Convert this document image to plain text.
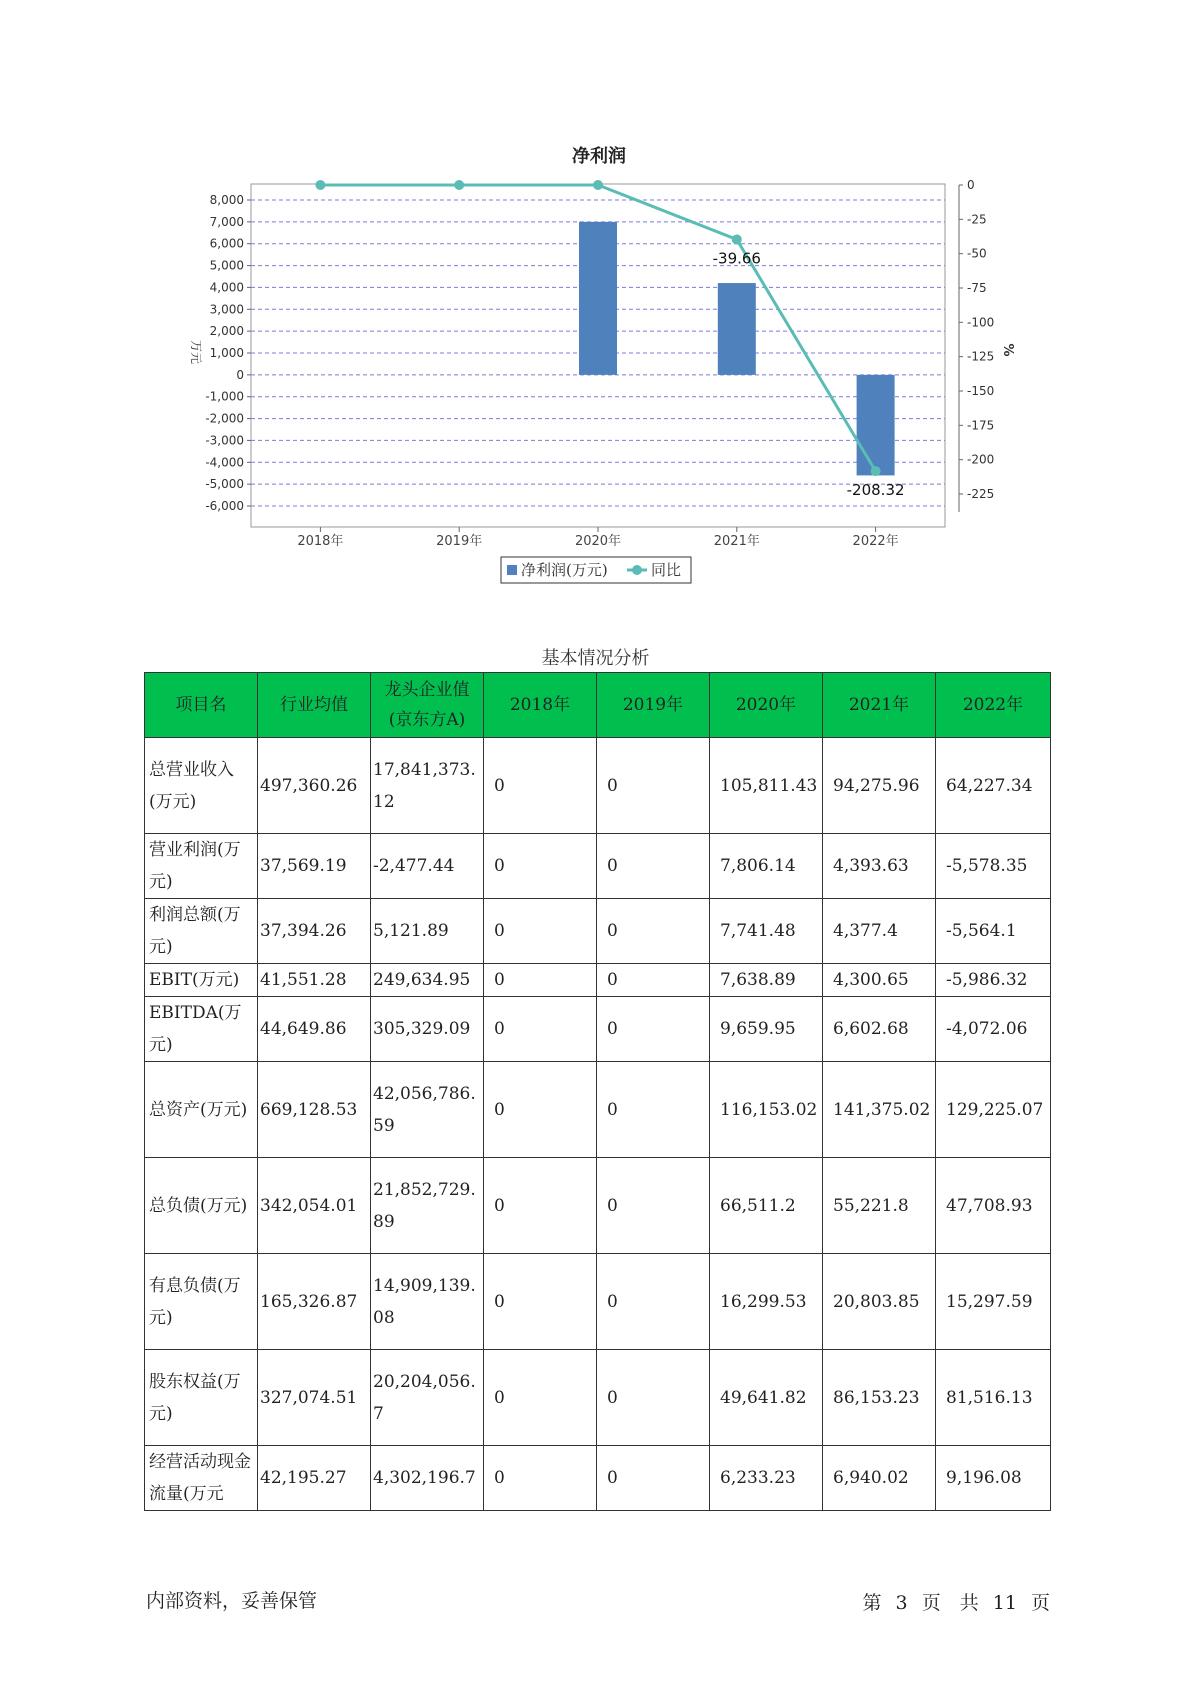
净利润
8,000
7,000
6,000
5,000
4,000
3,000
2,000
1,000
0
-1,000
-2,000
-3,000
-4,000
-5,000
-6,000
万元
0
-25
-50
-75
-100
-125
-150
-175
-200
-225
%
2018年	2019年	2020年	2021年	2022年
-39.66
-208.32
净利润(万元)	同比
基本情况分析
项目名	行业均值	龙头企业值(京东方A)	2018年	2019年	2020年	2021年	2022年
总营业收入(万元)	497,360.26	17,841,373.12	0	0	105,811.43	94,275.96	64,227.34
营业利润(万元)	37,569.19	-2,477.44	0	0	7,806.14	4,393.63	-5,578.35
利润总额(万元)	37,394.26	5,121.89	0	0	7,741.48	4,377.4	-5,564.1
EBIT(万元)	41,551.28	249,634.95	0	0	7,638.89	4,300.65	-5,986.32
EBITDA(万元)	44,649.86	305,329.09	0	0	9,659.95	6,602.68	-4,072.06
总资产(万元)	669,128.53	42,056,786.59	0	0	116,153.02	141,375.02	129,225.07
总负债(万元)	342,054.01	21,852,729.89	0	0	66,511.2	55,221.8	47,708.93
有息负债(万元)	165,326.87	14,909,139.08	0	0	16,299.53	20,803.85	15,297.59
股东权益(万元)	327,074.51	20,204,056.7	0	0	49,641.82	86,153.23	81,516.13
经营活动现金流量(万元	42,195.27	4,302,196.7	0	0	6,233.23	6,940.02	9,196.08
内部资料，妥善保管	第 3 页　共 11 页
